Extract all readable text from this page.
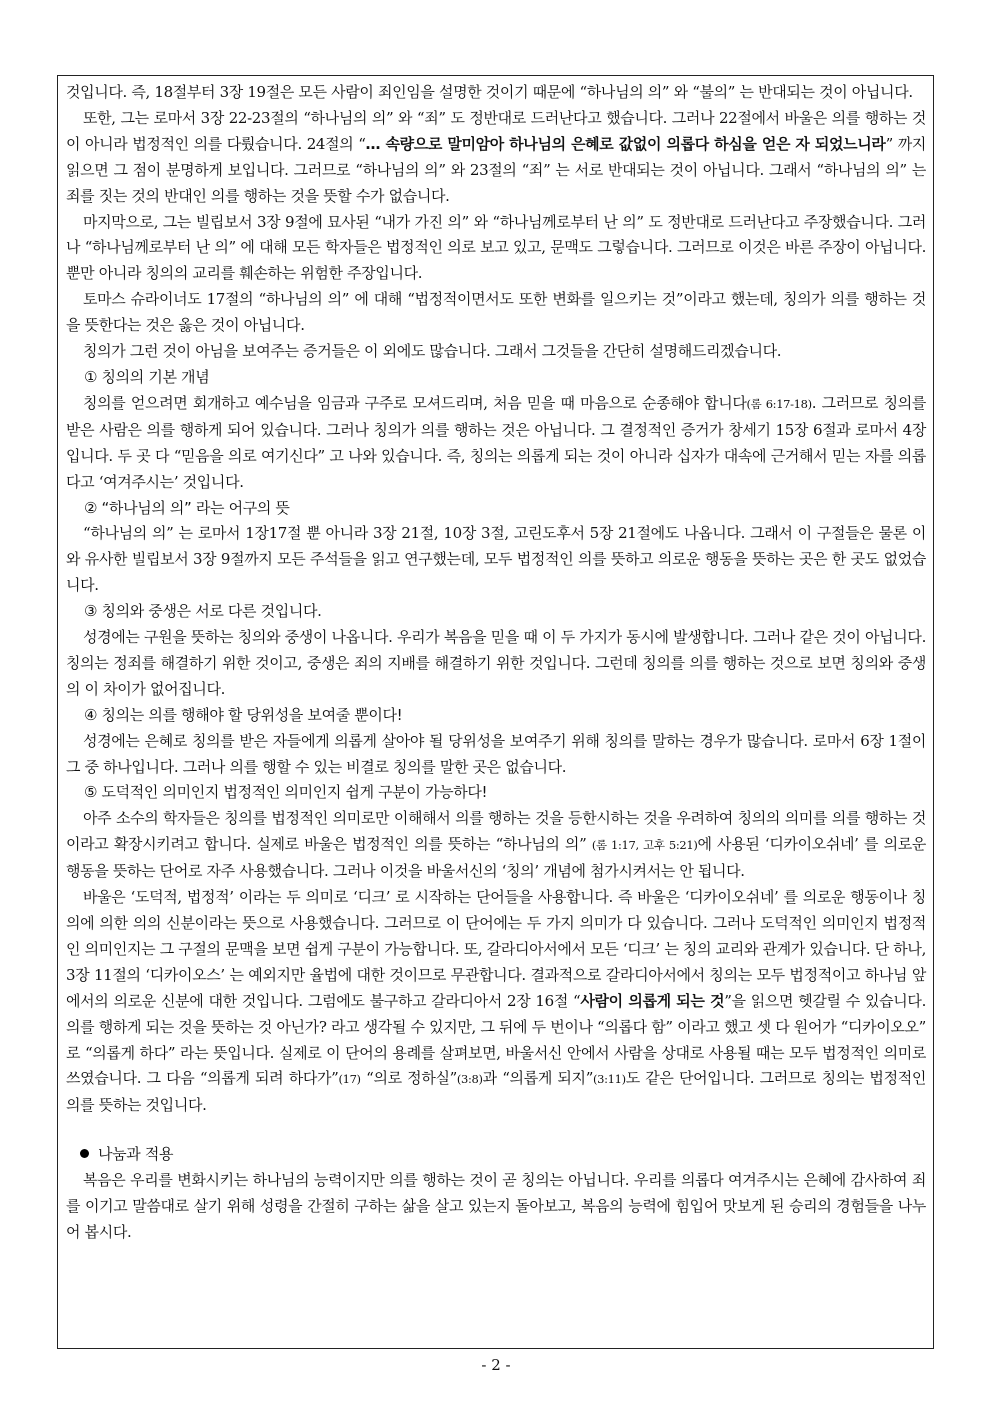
것입니다. 즉, 18절부터 3장 19절은 모든 사람이 죄인임을 설명한 것이기 때문에 “하나님의 의” 와 “불의” 는 반대되는 것이 아닙니다.

또한, 그는 로마서 3장 22-23절의 “하나님의 의” 와 “죄” 도 정반대로 드러난다고 했습니다. 그러나 22절에서 바울은 의를 행하는 것이 아니라 법정적인 의를 다뤘습니다. 24절의 “… 속량으로 말미암아 하나님의 은혜로 값없이 의롭다 하심을 얻은 자 되었느니라” 까지 읽으면 그 점이 분명하게 보입니다. 그러므로 “하나님의 의” 와 23절의 “죄” 는 서로 반대되는 것이 아닙니다. 그래서 “하나님의 의” 는 죄를 짓는 것의 반대인 의를 행하는 것을 뜻할 수가 없습니다.

마지막으로, 그는 빌립보서 3장 9절에 묘사된 “내가 가진 의” 와 “하나님께로부터 난 의” 도 정반대로 드러난다고 주장했습니다. 그러나 “하나님께로부터 난 의” 에 대해 모든 학자들은 법정적인 의로 보고 있고, 문맥도 그렇습니다. 그러므로 이것은 바른 주장이 아닙니다. 뿐만 아니라 칭의의 교리를 훼손하는 위험한 주장입니다.

토마스 슈라이너도 17절의 “하나님의 의” 에 대해 “법정적이면서도 또한 변화를 일으키는 것”이라고 했는데, 칭의가 의를 행하는 것을 뜻한다는 것은 옳은 것이 아닙니다.

칭의가 그런 것이 아님을 보여주는 증거들은 이 외에도 많습니다. 그래서 그것들을 간단히 설명해드리겠습니다.

① 칭의의 기본 개념

칭의를 얻으려면 회개하고 예수님을 임금과 구주로 모셔드리며, 처음 믿을 때 마음으로 순종해야 합니다(롬 6:17-18). 그러므로 칭의를 받은 사람은 의를 행하게 되어 있습니다. 그러나 칭의가 의를 행하는 것은 아닙니다. 그 결정적인 증거가 창세기 15장 6절과 로마서 4장입니다. 두 곳 다 “믿음을 의로 여기신다” 고 나와 있습니다. 즉, 칭의는 의롭게 되는 것이 아니라 십자가 대속에 근거해서 믿는 자를 의롭다고 ‘여겨주시는’ 것입니다.

② “하나님의 의” 라는 어구의 뜻

“하나님의 의” 는 로마서 1장17절 뿐 아니라 3장 21절, 10장 3절, 고린도후서 5장 21절에도 나옵니다. 그래서 이 구절들은 물론 이와 유사한 빌립보서 3장 9절까지 모든 주석들을 읽고 연구했는데, 모두 법정적인 의를 뜻하고 의로운 행동을 뜻하는 곳은 한 곳도 없었습니다.

③ 칭의와 중생은 서로 다른 것입니다.

성경에는 구원을 뜻하는 칭의와 중생이 나옵니다. 우리가 복음을 믿을 때 이 두 가지가 동시에 발생합니다. 그러나 같은 것이 아닙니다. 칭의는 정죄를 해결하기 위한 것이고, 중생은 죄의 지배를 해결하기 위한 것입니다. 그런데 칭의를 의를 행하는 것으로 보면 칭의와 중생의 이 차이가 없어집니다.

④ 칭의는 의를 행해야 할 당위성을 보여줄 뿐이다!

성경에는 은혜로 칭의를 받은 자들에게 의롭게 살아야 될 당위성을 보여주기 위해 칭의를 말하는 경우가 많습니다. 로마서 6장 1절이 그 중 하나입니다. 그러나 의를 행할 수 있는 비결로 칭의를 말한 곳은 없습니다.

⑤ 도덕적인 의미인지 법정적인 의미인지 쉽게 구분이 가능하다!

아주 소수의 학자들은 칭의를 법정적인 의미로만 이해해서 의를 행하는 것을 등한시하는 것을 우려하여 칭의의 의미를 의를 행하는 것이라고 확장시키려고 합니다. 실제로 바울은 법정적인 의를 뜻하는 “하나님의 의” (롬 1:17, 고후 5:21)에 사용된 ‘디카이오쉬네’ 를 의로운 행동을 뜻하는 단어로 자주 사용했습니다. 그러나 이것을 바울서신의 ‘칭의’ 개념에 첨가시켜서는 안 됩니다.

바울은 ‘도덕적, 법정적’ 이라는 두 의미로 ‘디크’ 로 시작하는 단어들을 사용합니다. 즉 바울은 ‘디카이오쉬네’ 를 의로운 행동이나 칭의에 의한 의의 신분이라는 뜻으로 사용했습니다. 그러므로 이 단어에는 두 가지 의미가 다 있습니다. 그러나 도덕적인 의미인지 법정적인 의미인지는 그 구절의 문맥을 보면 쉽게 구분이 가능합니다. 또, 갈라디아서에서 모든 ‘디크’ 는 칭의 교리와 관계가 있습니다. 단 하나, 3장 11절의 ‘디카이오스’ 는 예외지만 율법에 대한 것이므로 무관합니다. 결과적으로 갈라디아서에서 칭의는 모두 법정적이고 하나님 앞에서의 의로운 신분에 대한 것입니다. 그럼에도 불구하고 갈라디아서 2장 16절 “사람이 의롭게 되는 것”을 읽으면 헷갈릴 수 있습니다. 의를 행하게 되는 것을 뜻하는 것 아닌가? 라고 생각될 수 있지만, 그 뒤에 두 번이나 “의롭다 함” 이라고 했고 셋 다 원어가 “디카이오오” 로 “의롭게 하다” 라는 뜻입니다. 실제로 이 단어의 용례를 살펴보면, 바울서신 안에서 사람을 상대로 사용될 때는 모두 법정적인 의미로 쓰였습니다. 그 다음 “의롭게 되려 하다가”(17) “의로 정하실”(3:8)과 “의롭게 되지”(3:11)도 같은 단어입니다. 그러므로 칭의는 법정적인 의를 뜻하는 것입니다.

나눔과 적용

복음은 우리를 변화시키는 하나님의 능력이지만 의를 행하는 것이 곧 칭의는 아닙니다. 우리를 의롭다 여겨주시는 은혜에 감사하여 죄를 이기고 말씀대로 살기 위해 성령을 간절히 구하는 삶을 살고 있는지 돌아보고, 복음의 능력에 힘입어 맛보게 된 승리의 경험들을 나누어 봅시다.

- 2 -
